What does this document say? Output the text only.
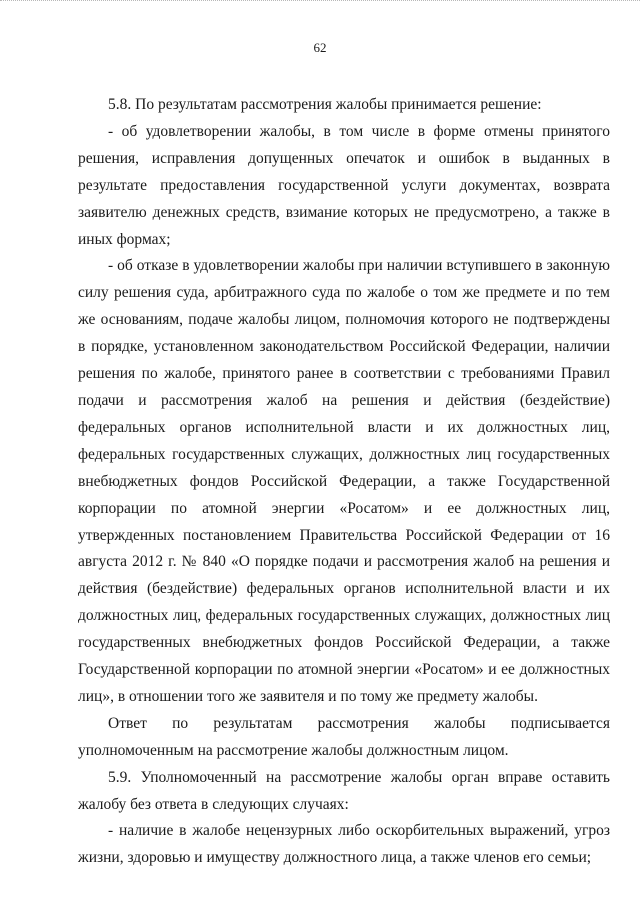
62

5.8. По результатам рассмотрения жалобы принимается решение:

- об удовлетворении жалобы, в том числе в форме отмены принятого решения, исправления допущенных опечаток и ошибок в выданных в результате предоставления государственной услуги документах, возврата заявителю денежных средств, взимание которых не предусмотрено, а также в иных формах;

- об отказе в удовлетворении жалобы при наличии вступившего в законную силу решения суда, арбитражного суда по жалобе о том же предмете и по тем же основаниям, подаче жалобы лицом, полномочия которого не подтверждены в порядке, установленном законодательством Российской Федерации, наличии решения по жалобе, принятого ранее в соответствии с требованиями Правил подачи и рассмотрения жалоб на решения и действия (бездействие) федеральных органов исполнительной власти и их должностных лиц, федеральных государственных служащих, должностных лиц государственных внебюджетных фондов Российской Федерации, а также Государственной корпорации по атомной энергии «Росатом» и ее должностных лиц, утвержденных постановлением Правительства Российской Федерации от 16 августа 2012 г. № 840 «О порядке подачи и рассмотрения жалоб на решения и действия (бездействие) федеральных органов исполнительной власти и их должностных лиц, федеральных государственных служащих, должностных лиц государственных внебюджетных фондов Российской Федерации, а также Государственной корпорации по атомной энергии «Росатом» и ее должностных лиц», в отношении того же заявителя и по тому же предмету жалобы.

Ответ по результатам рассмотрения жалобы подписывается уполномоченным на рассмотрение жалобы должностным лицом.

5.9. Уполномоченный на рассмотрение жалобы орган вправе оставить жалобу без ответа в следующих случаях:

- наличие в жалобе нецензурных либо оскорбительных выражений, угроз жизни, здоровью и имуществу должностного лица, а также членов его семьи;
